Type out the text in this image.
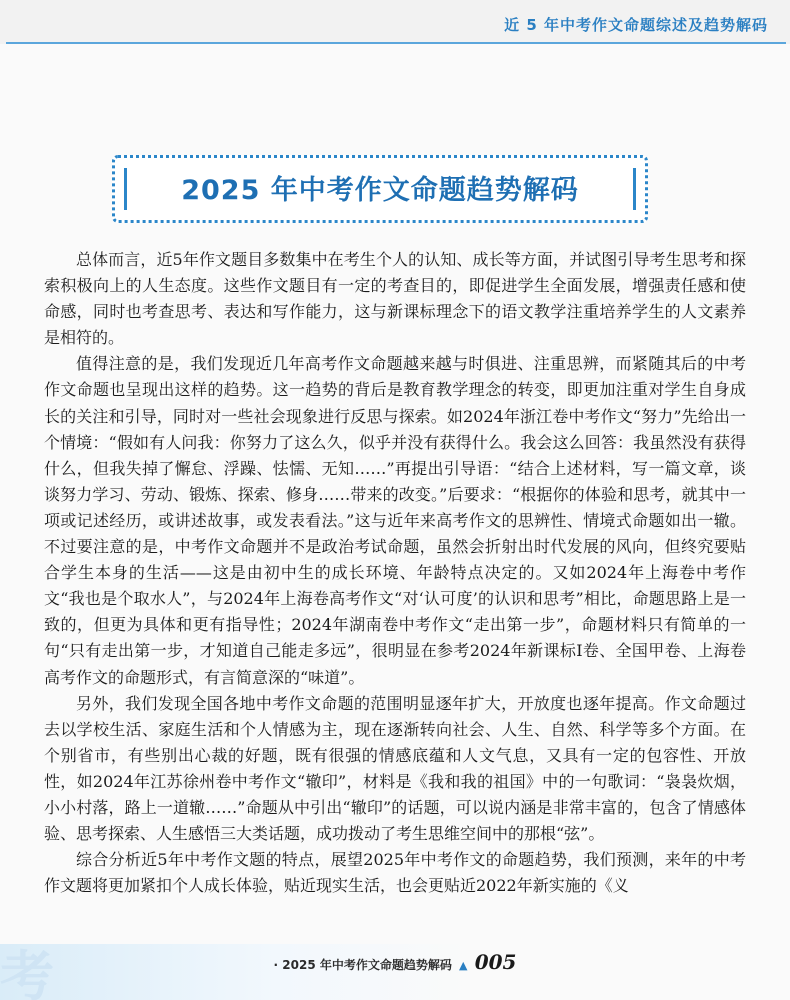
近 5 年中考作文命题综述及趋势解码
2025 年中考作文命题趋势解码

总体而言，近5年作文题目多数集中在考生个人的认知、成长等方面，并试图引导考生思考和探索积极向上的人生态度。这些作文题目有一定的考查目的，即促进学生全面发展，增强责任感和使命感，同时也考查思考、表达和写作能力，这与新课标理念下的语文教学注重培养学生的人文素养是相符的。

值得注意的是，我们发现近几年高考作文命题越来越与时俱进、注重思辨，而紧随其后的中考作文命题也呈现出这样的趋势。这一趋势的背后是教育教学理念的转变，即更加注重对学生自身成长的关注和引导，同时对一些社会现象进行反思与探索。如2024年浙江卷中考作文“努力”先给出一个情境：“假如有人问我：你努力了这么久，似乎并没有获得什么。我会这么回答：我虽然没有获得什么，但我失掉了懈怠、浮躁、怯懦、无知……”再提出引导语：“结合上述材料，写一篇文章，谈谈努力学习、劳动、锻炼、探索、修身……带来的改变。”后要求：“根据你的体验和思考，就其中一项或记述经历，或讲述故事，或发表看法。”这与近年来高考作文的思辨性、情境式命题如出一辙。不过要注意的是，中考作文命题并不是政治考试命题，虽然会折射出时代发展的风向，但终究要贴合学生本身的生活——这是由初中生的成长环境、年龄特点决定的。又如2024年上海卷中考作文“我也是个取水人”，与2024年上海卷高考作文“对‘认可度’的认识和思考”相比，命题思路上是一致的，但更为具体和更有指导性；2024年湖南卷中考作文“走出第一步”，命题材料只有简单的一句“只有走出第一步，才知道自己能走多远”，很明显在参考2024年新课标Ⅰ卷、全国甲卷、上海卷高考作文的命题形式，有言简意深的“味道”。

另外，我们发现全国各地中考作文命题的范围明显逐年扩大，开放度也逐年提高。作文命题过去以学校生活、家庭生活和个人情感为主，现在逐渐转向社会、人生、自然、科学等多个方面。在个别省市，有些别出心裁的好题，既有很强的情感底蕴和人文气息，又具有一定的包容性、开放性，如2024年江苏徐州卷中考作文“辙印”，材料是《我和我的祖国》中的一句歌词：“袅袅炊烟，小小村落，路上一道辙……”命题从中引出“辙印”的话题，可以说内涵是非常丰富的，包含了情感体验、思考探索、人生感悟三大类话题，成功拨动了考生思维空间中的那根“弦”。

综合分析近5年中考作文题的特点，展望2025年中考作文的命题趋势，我们预测，来年的中考作文题将更加紧扣个人成长体验，贴近现实生活，也会更贴近2022年新实施的《义

考	· 2025 年中考作文命题趋势解码 ▲ 005
